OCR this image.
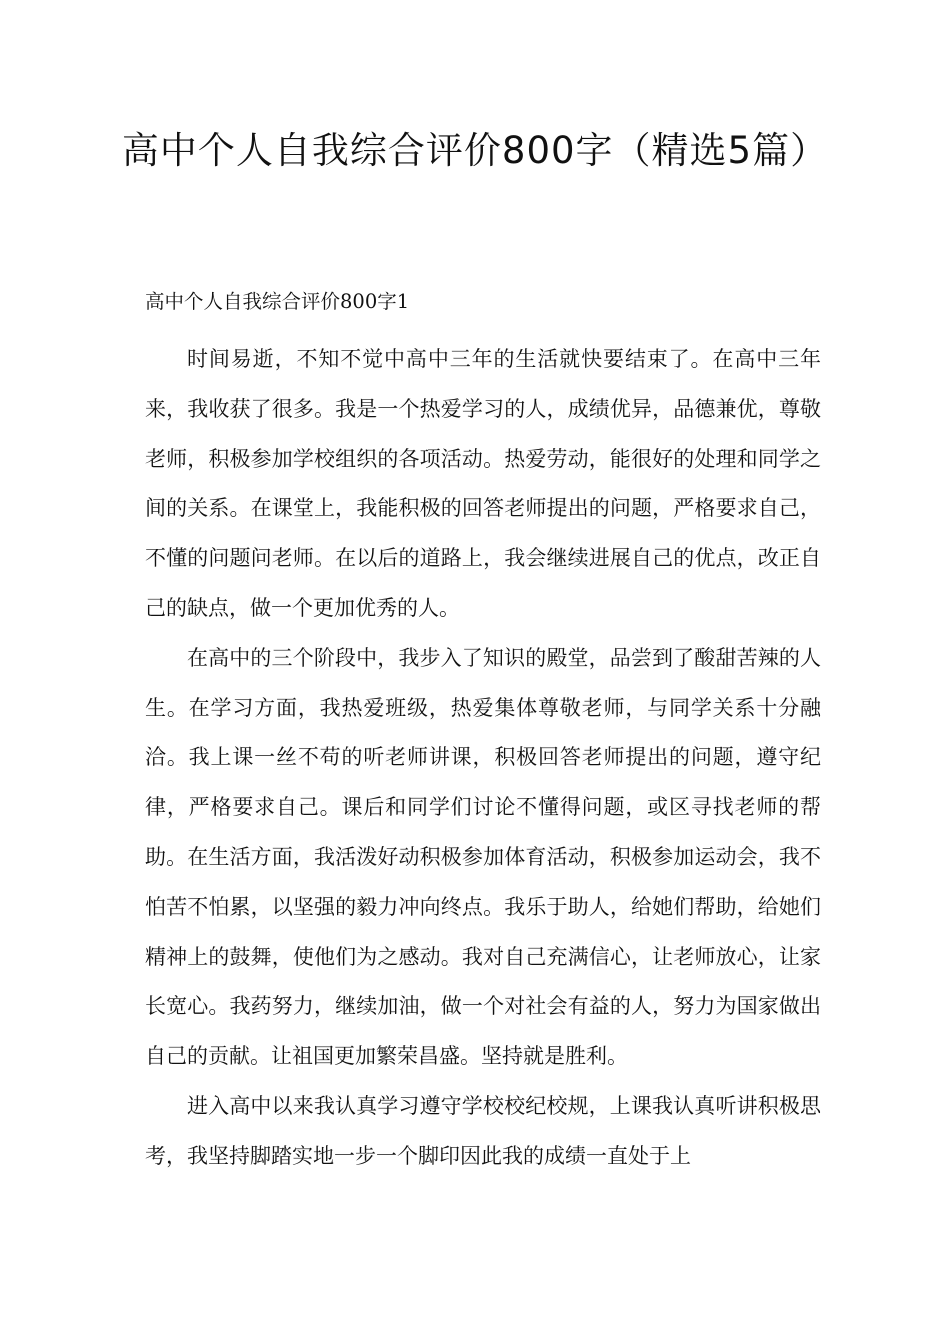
高中个人自我综合评价800字（精选5篇）

高中个人自我综合评价800字1

时间易逝，不知不觉中高中三年的生活就快要结束了。在高中三年来，我收获了很多。我是一个热爱学习的人，成绩优异，品德兼优，尊敬老师，积极参加学校组织的各项活动。热爱劳动，能很好的处理和同学之间的关系。在课堂上，我能积极的回答老师提出的问题，严格要求自己，不懂的问题问老师。在以后的道路上，我会继续进展自己的优点，改正自己的缺点，做一个更加优秀的人。

在高中的三个阶段中，我步入了知识的殿堂，品尝到了酸甜苦辣的人生。在学习方面，我热爱班级，热爱集体尊敬老师，与同学关系十分融洽。我上课一丝不苟的听老师讲课，积极回答老师提出的问题，遵守纪律，严格要求自己。课后和同学们讨论不懂得问题，或区寻找老师的帮助。在生活方面，我活泼好动积极参加体育活动，积极参加运动会，我不怕苦不怕累，以坚强的毅力冲向终点。我乐于助人，给她们帮助，给她们精神上的鼓舞，使他们为之感动。我对自己充满信心，让老师放心，让家长宽心。我药努力，继续加油，做一个对社会有益的人，努力为国家做出自己的贡献。让祖国更加繁荣昌盛。坚持就是胜利。

进入高中以来我认真学习遵守学校校纪校规，上课我认真听讲积极思考，我坚持脚踏实地一步一个脚印因此我的成绩一直处于上
